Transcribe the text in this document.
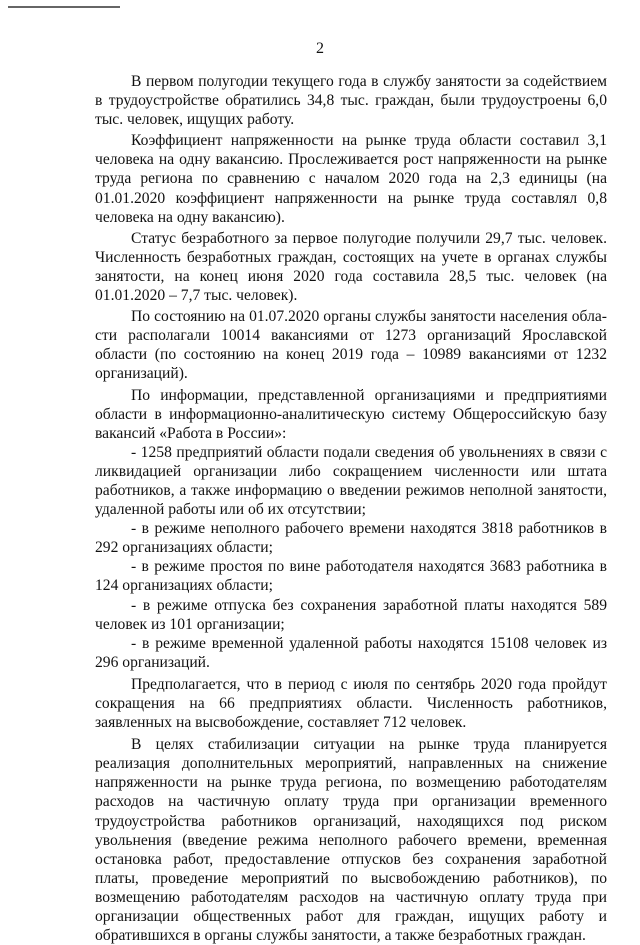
2

В первом полугодии текущего года в службу занятости за содействием в трудоустройстве обратились 34,8 тыс. граждан, были трудоустроены 6,0 тыс. человек, ищущих работу.

Коэффициент напряженности на рынке труда области составил 3,1 человека на одну вакансию. Прослеживается рост напряженности на рынке труда региона по сравнению с началом 2020 года на 2,3 единицы (на 01.01.2020 коэффициент напряженности на рынке труда составлял 0,8 человека на одну вакансию).

Статус безработного за первое полугодие получили 29,7 тыс. человек. Численность безработных граждан, состоящих на учете в органах службы занятости, на конец июня 2020 года составила 28,5 тыс. человек (на 01.01.2020 – 7,7 тыс. человек).

По состоянию на 01.07.2020 органы службы занятости населения области располагали 10014 вакансиями от 1273 организаций Ярославской области (по состоянию на конец 2019 года – 10989 вакансиями от 1232 организаций).

По информации, представленной организациями и предприятиями области в информационно-аналитическую систему Общероссийскую базу вакансий «Работа в России»:

- 1258 предприятий области подали сведения об увольнениях в связи с ликвидацией организации либо сокращением численности или штата работников, а также информацию о введении режимов неполной занятости, удаленной работы или об их отсутствии;

- в режиме неполного рабочего времени находятся 3818 работников в 292 организациях области;

- в режиме простоя по вине работодателя находятся 3683 работника в 124 организациях области;

- в режиме отпуска без сохранения заработной платы находятся 589 человек из 101 организации;

- в режиме временной удаленной работы находятся 15108 человек из 296 организаций.

Предполагается, что в период с июля по сентябрь 2020 года пройдут сокращения на 66 предприятиях области. Численность работников, заявленных на высвобождение, составляет 712 человек.

В целях стабилизации ситуации на рынке труда планируется реализация дополнительных мероприятий, направленных на снижение напряженности на рынке труда региона, по возмещению работодателям расходов на частичную оплату труда при организации временного трудоустройства работников организаций, находящихся под риском увольнения (введение режима неполного рабочего времени, временная остановка работ, предоставление отпусков без сохранения заработной платы, проведение мероприятий по высвобождению работников), по возмещению работодателям расходов на частичную оплату труда при организации общественных работ для граждан, ищущих работу и обратившихся в органы службы занятости, а также безработных граждан.
